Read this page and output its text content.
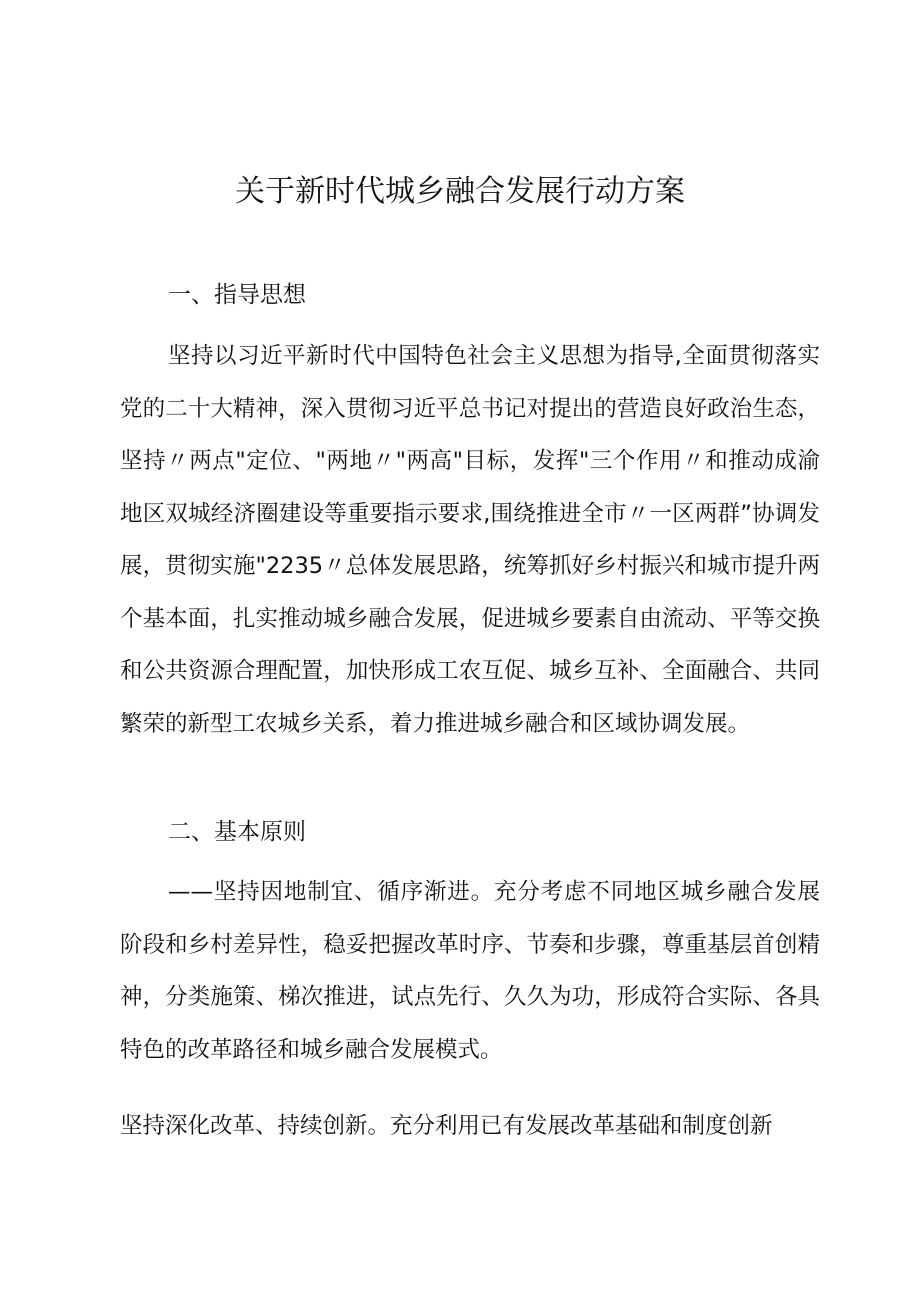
关于新时代城乡融合发展行动方案
一、指导思想

坚持以习近平新时代中国特色社会主义思想为指导,全面贯彻落实党的二十大精神，深入贯彻习近平总书记对提出的营造良好政治生态，坚持〃两点"定位、"两地〃"两高"目标，发挥"三个作用〃和推动成渝地区双城经济圈建设等重要指示要求,围绕推进全市〃一区两群”协调发展，贯彻实施"2235〃总体发展思路，统筹抓好乡村振兴和城市提升两个基本面，扎实推动城乡融合发展，促进城乡要素自由流动、平等交换和公共资源合理配置，加快形成工农互促、城乡互补、全面融合、共同繁荣的新型工农城乡关系，着力推进城乡融合和区域协调发展。

二、基本原则

——坚持因地制宜、循序渐进。充分考虑不同地区城乡融合发展阶段和乡村差异性，稳妥把握改革时序、节奏和步骤，尊重基层首创精神，分类施策、梯次推进，试点先行、久久为功，形成符合实际、各具特色的改革路径和城乡融合发展模式。

坚持深化改革、持续创新。充分利用已有发展改革基础和制度创新
